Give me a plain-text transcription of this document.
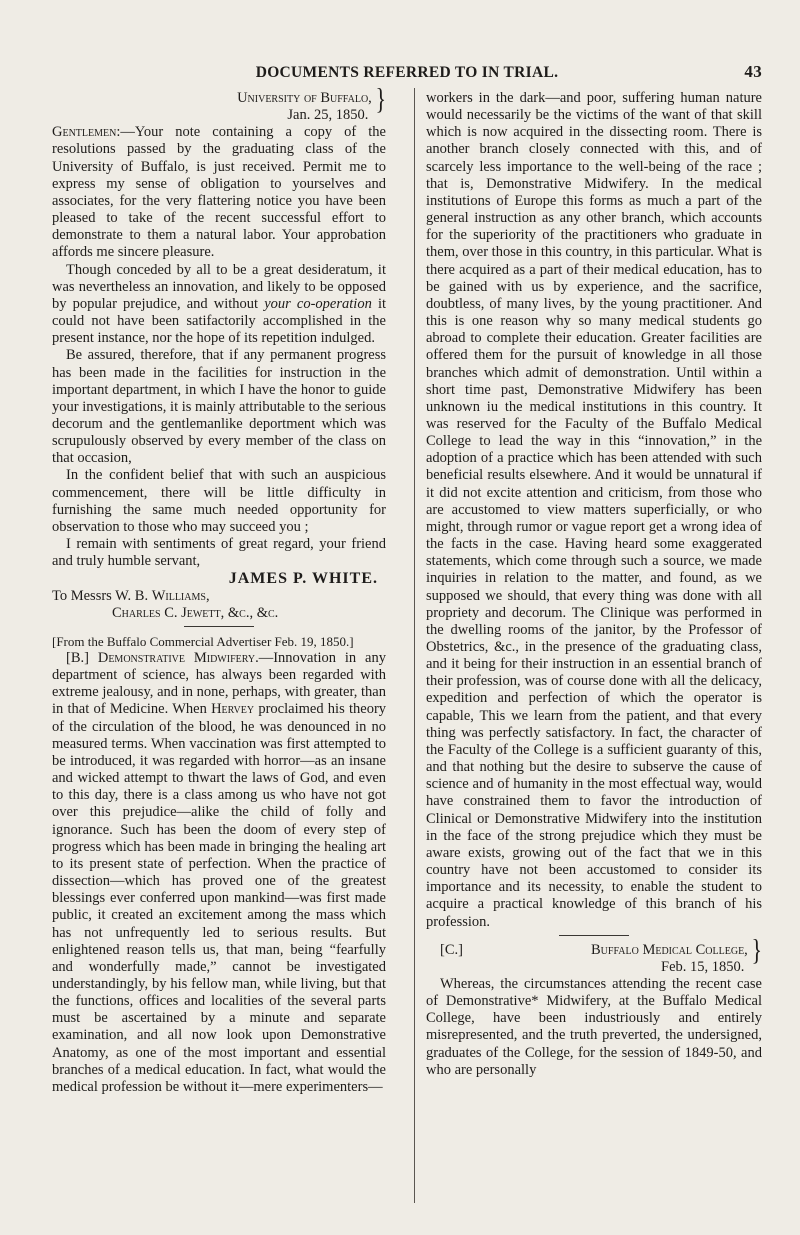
DOCUMENTS REFERRED TO IN TRIAL.	43
University of Buffalo, }
Jan. 25, 1850.

Gentlemen:—Your note containing a copy of the resolutions passed by the graduating class of the University of Buffalo, is just received. Permit me to express my sense of obligation to yourselves and associates, for the very flattering notice you have been pleased to take of the recent successful effort to demonstrate to them a natural labor. Your approbation affords me sincere pleasure.

Though conceded by all to be a great desideratum, it was nevertheless an innovation, and likely to be opposed by popular prejudice, and without your co-operation it could not have been satifactorily accomplished in the present instance, nor the hope of its repetition indulged.

Be assured, therefore, that if any permanent progress has been made in the facilities for instruction in the important department, in which I have the honor to guide your investigations, it is mainly attributable to the serious decorum and the gentlemanlike deportment which was scrupulously observed by every member of the class on that occasion,

In the confident belief that with such an auspicious commencement, there will be little difficulty in furnishing the same much needed opportunity for observation to those who may succeed you ;

I remain with sentiments of great regard, your friend and truly humble servant,

JAMES P. WHITE.

To Messrs W. B. Williams,

Charles C. Jewett, &c., &c.

[From the Buffalo Commercial Advertiser Feb. 19, 1850.]

[B.] Demonstrative Midwifery.—Innovation in any department of science, has always been regarded with extreme jealousy, and in none, perhaps, with greater, than in that of Medicine. When Hervey proclaimed his theory of the circulation of the blood, he was denounced in no measured terms. When vaccination was first attempted to be introduced, it was regarded with horror—as an insane and wicked attempt to thwart the laws of God, and even to this day, there is a class among us who have not got over this prejudice—alike the child of folly and ignorance. Such has been the doom of every step of progress which has been made in bringing the healing art to its present state of perfection. When the practice of dissection—which has proved one of the greatest blessings ever conferred upon mankind—was first made public, it created an excitement among the mass which has not unfrequently led to serious results. But enlightened reason tells us, that man, being “fearfully and wonderfully made,” cannot be investigated understandingly, by his fellow man, while living, but that the functions, offices and localities of the several parts must be ascertained by a minute and separate examination, and all now look upon Demonstrative Anatomy, as one of the most important and essential branches of a medical education. In fact, what would the medical profession be without it—mere experimenters—

workers in the dark—and poor, suffering human nature would necessarily be the victims of the want of that skill which is now acquired in the dissecting room. There is another branch closely connected with this, and of scarcely less importance to the well-being of the race ; that is, Demonstrative Midwifery. In the medical institutions of Europe this forms as much a part of the general instruction as any other branch, which accounts for the superiority of the practitioners who graduate in them, over those in this country, in this particular. What is there acquired as a part of their medical education, has to be gained with us by experience, and the sacrifice, doubtless, of many lives, by the young practitioner. And this is one reason why so many medical students go abroad to complete their education. Greater facilities are offered them for the pursuit of knowledge in all those branches which admit of demonstration. Until within a short time past, Demonstrative Midwifery has been unknown iu the medical institutions in this country. It was reserved for the Faculty of the Buffalo Medical College to lead the way in this “innovation,” in the adoption of a practice which has been attended with such beneficial results elsewhere. And it would be unnatural if it did not excite attention and criticism, from those who are accustomed to view matters superficially, or who might, through rumor or vague report get a wrong idea of the facts in the case. Having heard some exaggerated statements, which come through such a source, we made inquiries in relation to the matter, and found, as we supposed we should, that every thing was done with all propriety and decorum. The Clinique was performed in the dwelling rooms of the janitor, by the Professor of Obstetrics, &c., in the presence of the graduating class, and it being for their instruction in an essential branch of their profession, was of course done with all the delicacy, expedition and perfection of which the operator is capable, This we learn from the patient, and that every thing was perfectly satisfactory. In fact, the character of the Faculty of the College is a sufficient guaranty of this, and that nothing but the desire to subserve the cause of science and of humanity in the most effectual way, would have constrained them to favor the introduction of Clinical or Demonstrative Midwifery into the institution in the face of the strong prejudice which they must be aware exists, growing out of the fact that we in this country have not been accustomed to consider its importance and its necessity, to enable the student to acquire a practical knowledge of this branch of his profession.

[C.]	Buffalo Medical College, }
Feb. 15, 1850.

Whereas, the circumstances attending the recent case of Demonstrative* Midwifery, at the Buffalo Medical College, have been industriously and entirely misrepresented, and the truth preverted, the undersigned, graduates of the College, for the session of 1849-50, and who are personally
